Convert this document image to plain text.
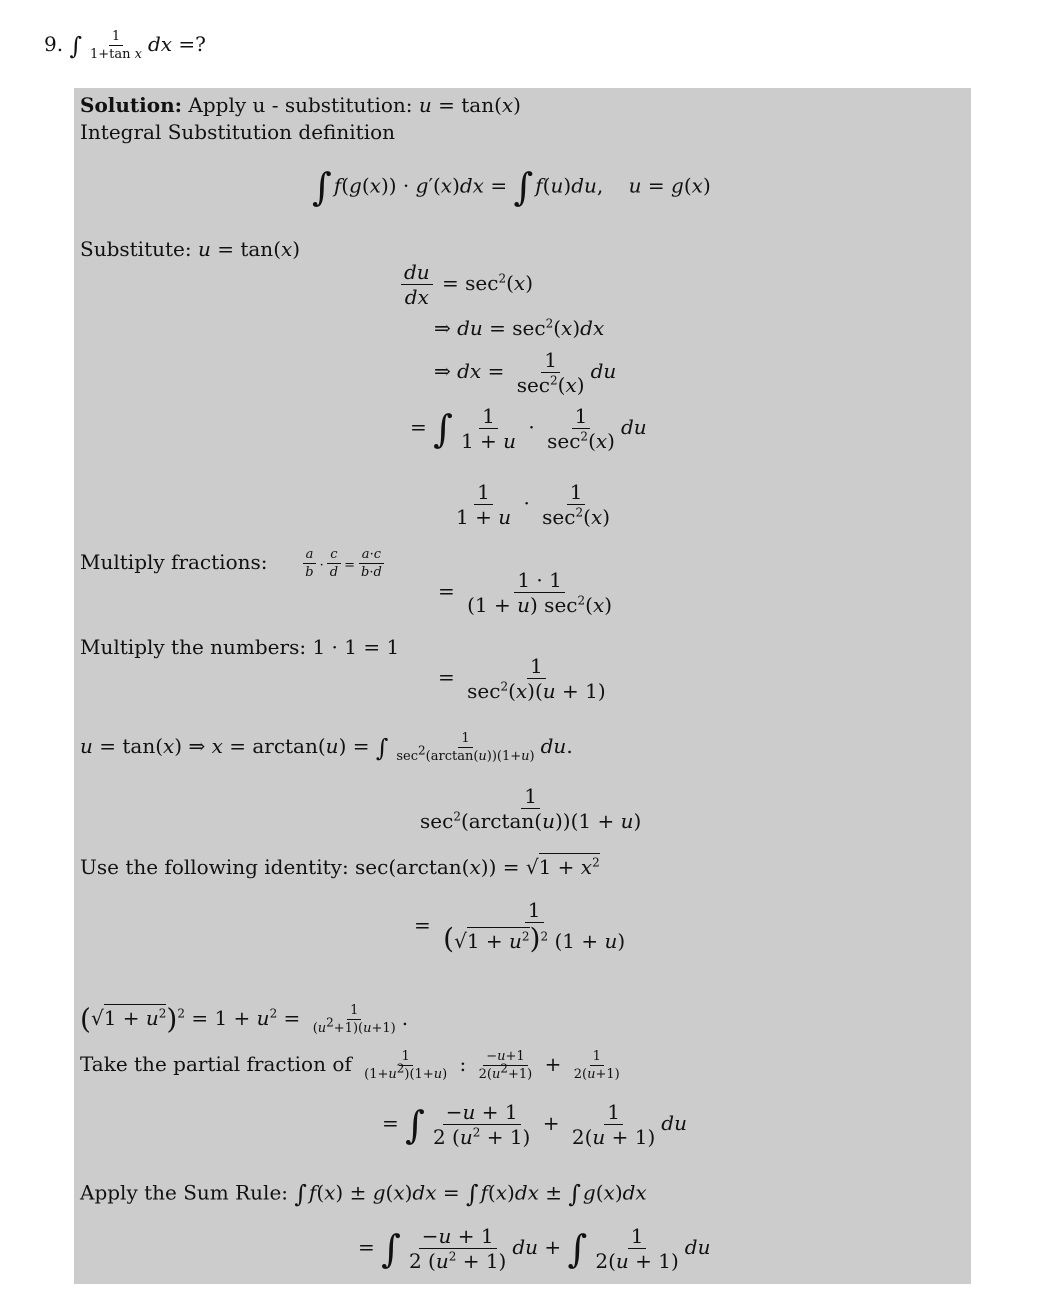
9. ∫ $\frac{1}{\text{1+tan x}}$ dx =?
Solution: Apply u - substitution: u = tan(x)
Integral Substitution definition
∫ f(g(x)) · g′(x)dx = ∫ f(u)du,    u = g(x)
Substitute: u = tan(x)
$\frac{du}{dx} = \sec^2(x)$
⇒ du = $\sec^2(x)dx$
⇒ dx = $\frac{1}{\sec^2(x)}$ du
= ∫ $\frac{1}{1 + u} \cdot \frac{1}{\sec^2(x)}$ du
$\frac{1}{1 + u} \cdot \frac{1}{\sec^2(x)}$
Multiply fractions:	$\frac{a}{b} \cdot \frac{c}{d} = \frac{a\cdot c}{b\cdot d}$
= $\frac{1 \cdot 1}{(1 + u) \sec^2(x)}$
Multiply the numbers: 1 · 1 = 1
= $\frac{1}{\sec^2(x)(u + 1)}$
u = tan(x) ⇒ x = arctan(u) = ∫ $\frac{1}{\sec^2(\arctan(u))(1+u)}$ du.
$\frac{1}{\sec^2(\arctan(u))(1 + u)}$
Use the following identity: $\sec(\arctan(x)) = √1 + x^2$
= $\frac{1}{(√1 + u^2)^2 (1 + u)}$
$(√1 + u^2)^2 = 1 + u^2 = \frac{1}{(u^2+1)(u+1)}$ .
Take the partial fraction of $\frac{1}{(1+u^2)(1+u)}$ : $\frac{-u+1}{2(u^2+1)} + \frac{1}{2(u+1)}$
= ∫ $\frac{-u + 1}{2 (u^2 + 1)} + \frac{1}{2(u + 1)}$ du
Apply the Sum Rule: ∫ f(x) ± g(x)dx = ∫ f(x)dx ± ∫ g(x)dx
= ∫ $\frac{-u + 1}{2 (u^2 + 1)}$ du + ∫ $\frac{1}{2(u + 1)}$ du
